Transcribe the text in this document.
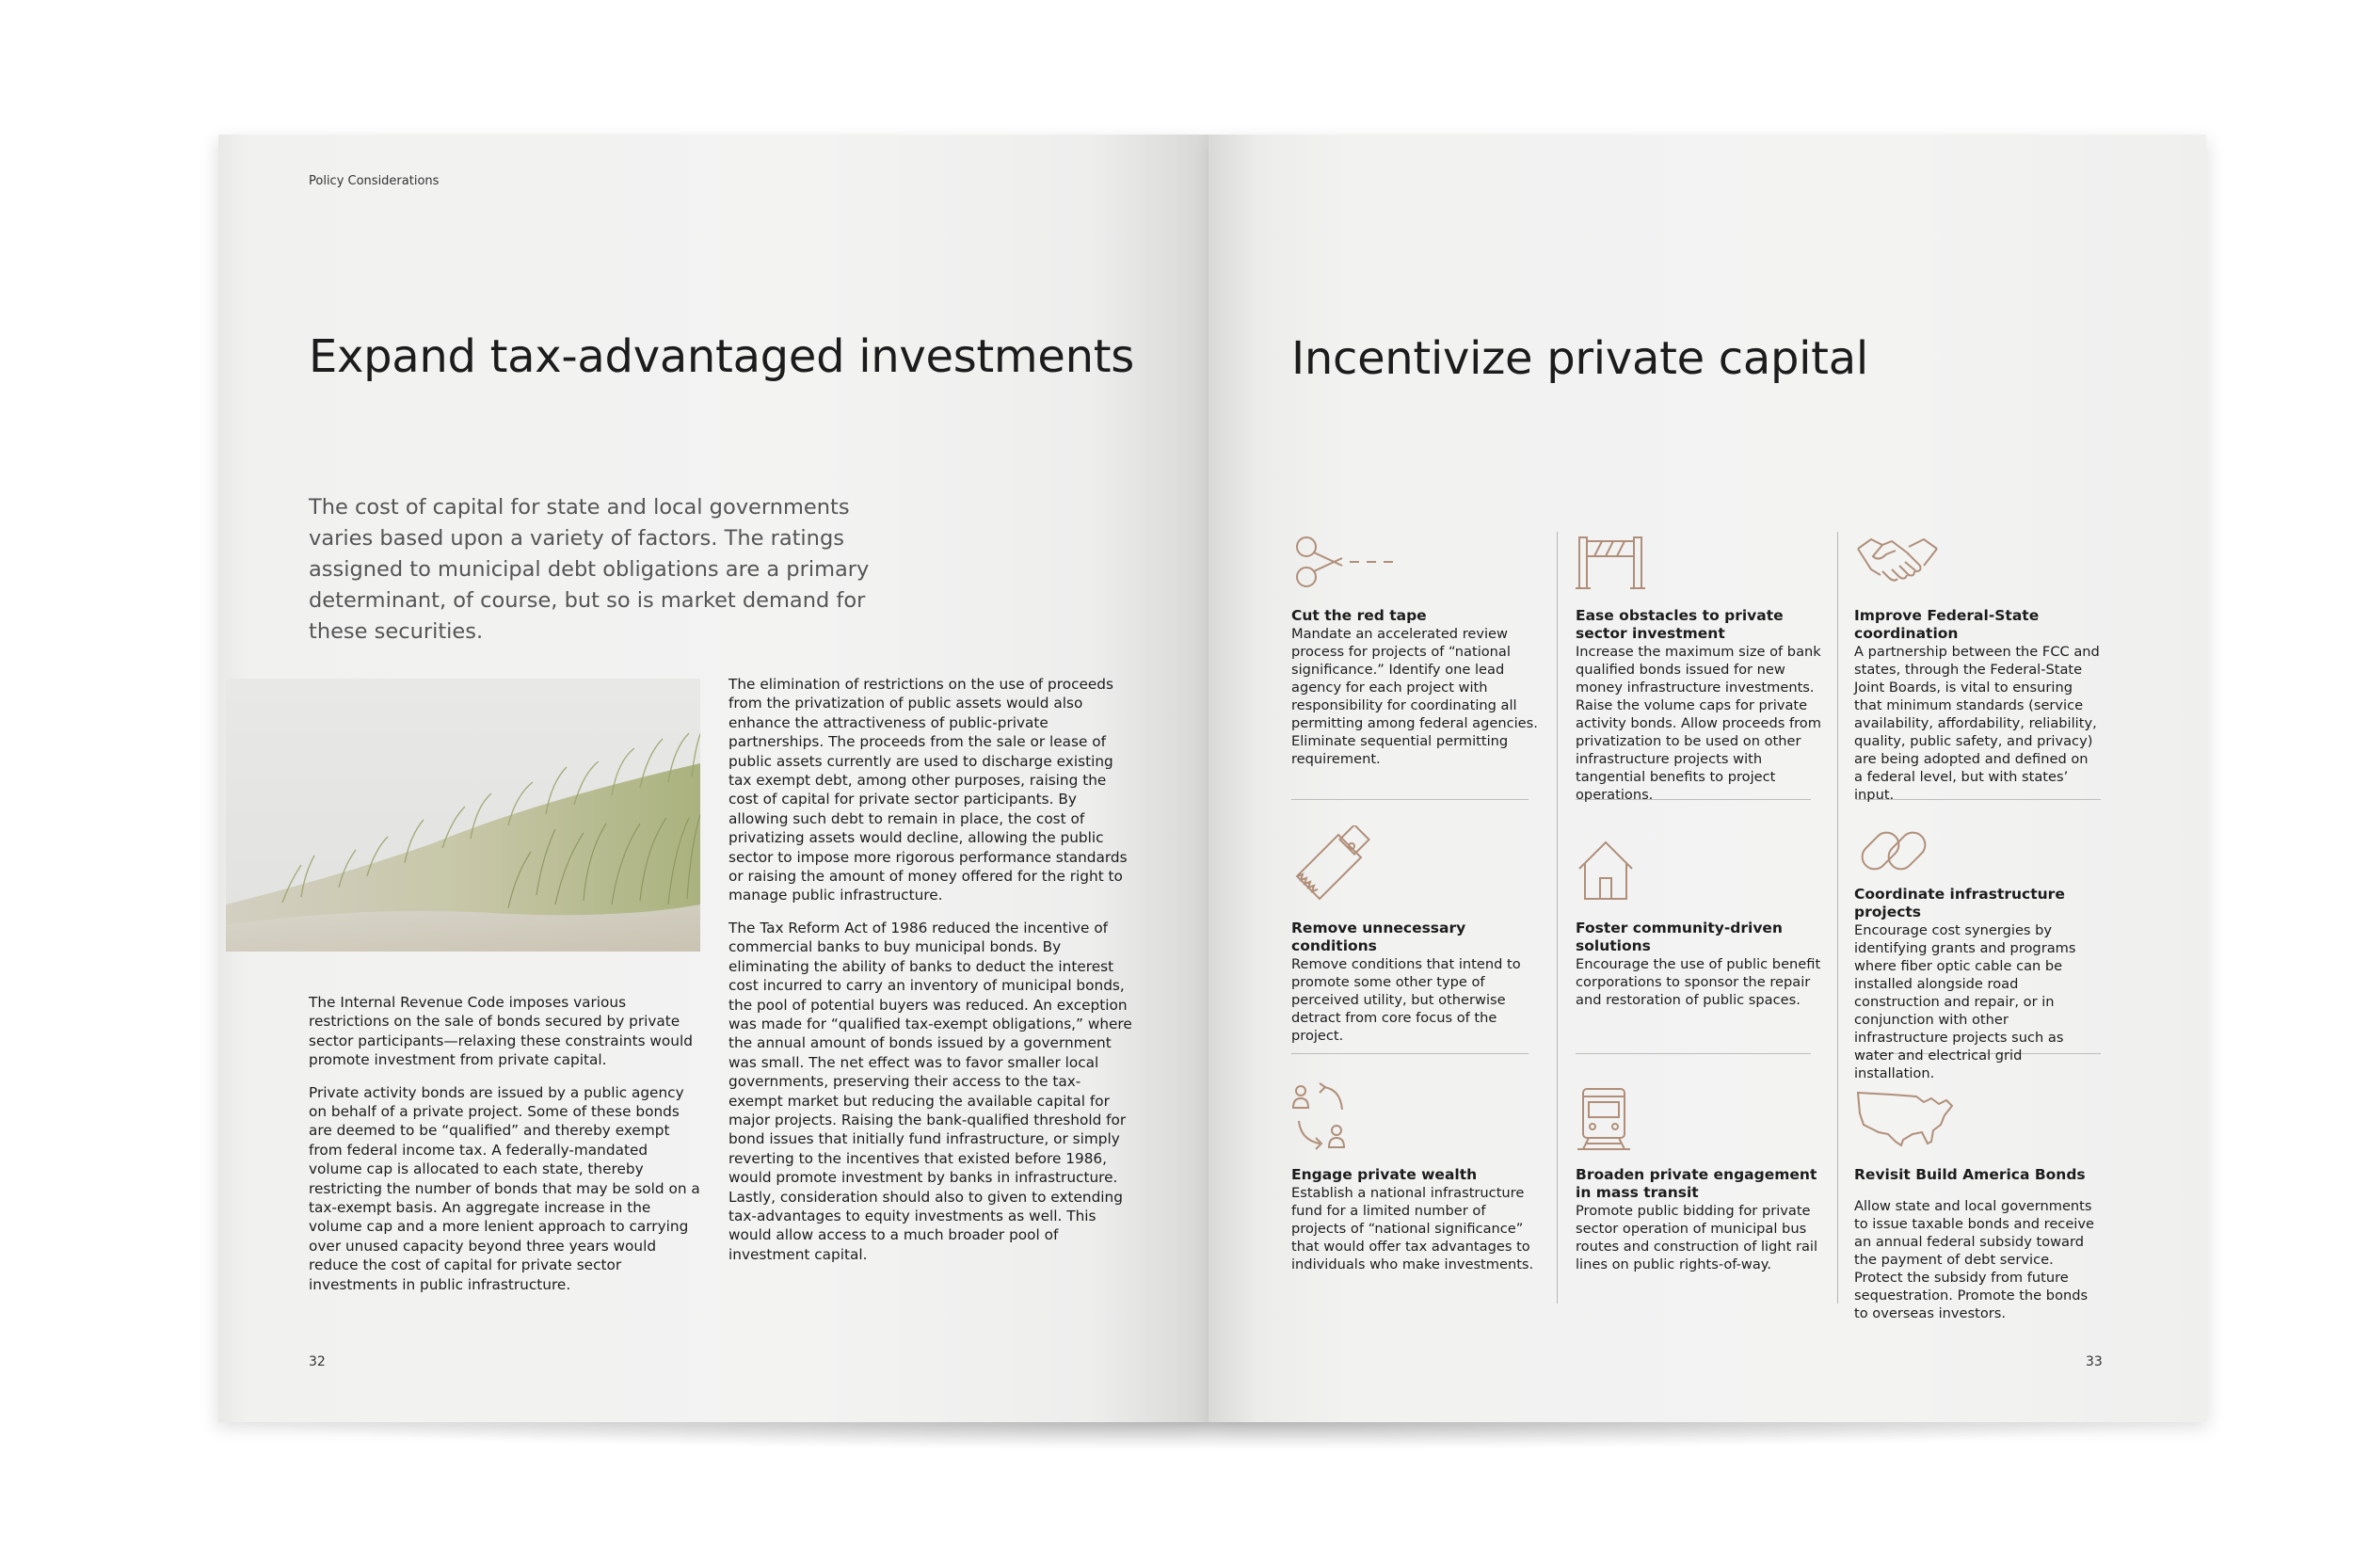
Policy Considerations
Expand tax-advantaged investments
The cost of capital for state and local governments varies based upon a variety of factors. The ratings assigned to municipal debt obligations are a primary determinant, of course, but so is market demand for these securities.

The Internal Revenue Code imposes various restrictions on the sale of bonds secured by private sector participants—relaxing these constraints would promote investment from private capital.

Private activity bonds are issued by a public agency on behalf of a private project. Some of these bonds are deemed to be “qualified” and thereby exempt from federal income tax. A federally-mandated volume cap is allocated to each state, thereby restricting the number of bonds that may be sold on a tax-exempt basis. An aggregate increase in the volume cap and a more lenient approach to carrying over unused capacity beyond three years would reduce the cost of capital for private sector investments in public infrastructure.

The elimination of restrictions on the use of proceeds from the privatization of public assets would also enhance the attractiveness of public-private partnerships. The proceeds from the sale or lease of public assets currently are used to discharge existing tax exempt debt, among other purposes, raising the cost of capital for private sector participants. By allowing such debt to remain in place, the cost of privatizing assets would decline, allowing the public sector to impose more rigorous performance standards or raising the amount of money offered for the right to manage public infrastructure.

The Tax Reform Act of 1986 reduced the incentive of commercial banks to buy municipal bonds. By eliminating the ability of banks to deduct the interest cost incurred to carry an inventory of municipal bonds, the pool of potential buyers was reduced. An exception was made for “qualified tax-exempt obligations,” where the annual amount of bonds issued by a government was small. The net effect was to favor smaller local governments, preserving their access to the tax-exempt market but reducing the available capital for major projects. Raising the bank-qualified threshold for bond issues that initially fund infrastructure, or simply reverting to the incentives that existed before 1986, would promote investment by banks in infrastructure. Lastly, consideration should also to given to extending tax-advantages to equity investments as well. This would allow access to a much broader pool of investment capital.

32
Incentivize private capital
Cut the red tape
Mandate an accelerated review process for projects of “national significance.” Identify one lead agency for each project with responsibility for coordinating all permitting among federal agencies. Eliminate sequential permitting requirement.
Ease obstacles to private sector investment
Increase the maximum size of bank qualified bonds issued for new money infrastructure investments. Raise the volume caps for private activity bonds. Allow proceeds from privatization to be used on other infrastructure projects with tangential benefits to project operations.
Improve Federal-State coordination
A partnership between the FCC and states, through the Federal-State Joint Boards, is vital to ensuring that minimum standards (service availability, affordability, reliability, quality, public safety, and privacy) are being adopted and defined on a federal level, but with states’ input.
Remove unnecessary conditions
Remove conditions that intend to promote some other type of perceived utility, but otherwise detract from core focus of the project.
Foster community-driven solutions
Encourage the use of public benefit corporations to sponsor the repair and restoration of public spaces.
Coordinate infrastructure projects
Encourage cost synergies by identifying grants and programs where fiber optic cable can be installed alongside road construction and repair, or in conjunction with other infrastructure projects such as water and electrical grid installation.
Engage private wealth
Establish a national infrastructure fund for a limited number of projects of “national significance” that would offer tax advantages to individuals who make investments.
Broaden private engagement in mass transit
Promote public bidding for private sector operation of municipal bus routes and construction of light rail lines on public rights-of-way.
Revisit Build America Bonds
Allow state and local governments to issue taxable bonds and receive an annual federal subsidy toward the payment of debt service. Protect the subsidy from future sequestration. Promote the bonds to overseas investors.
33
